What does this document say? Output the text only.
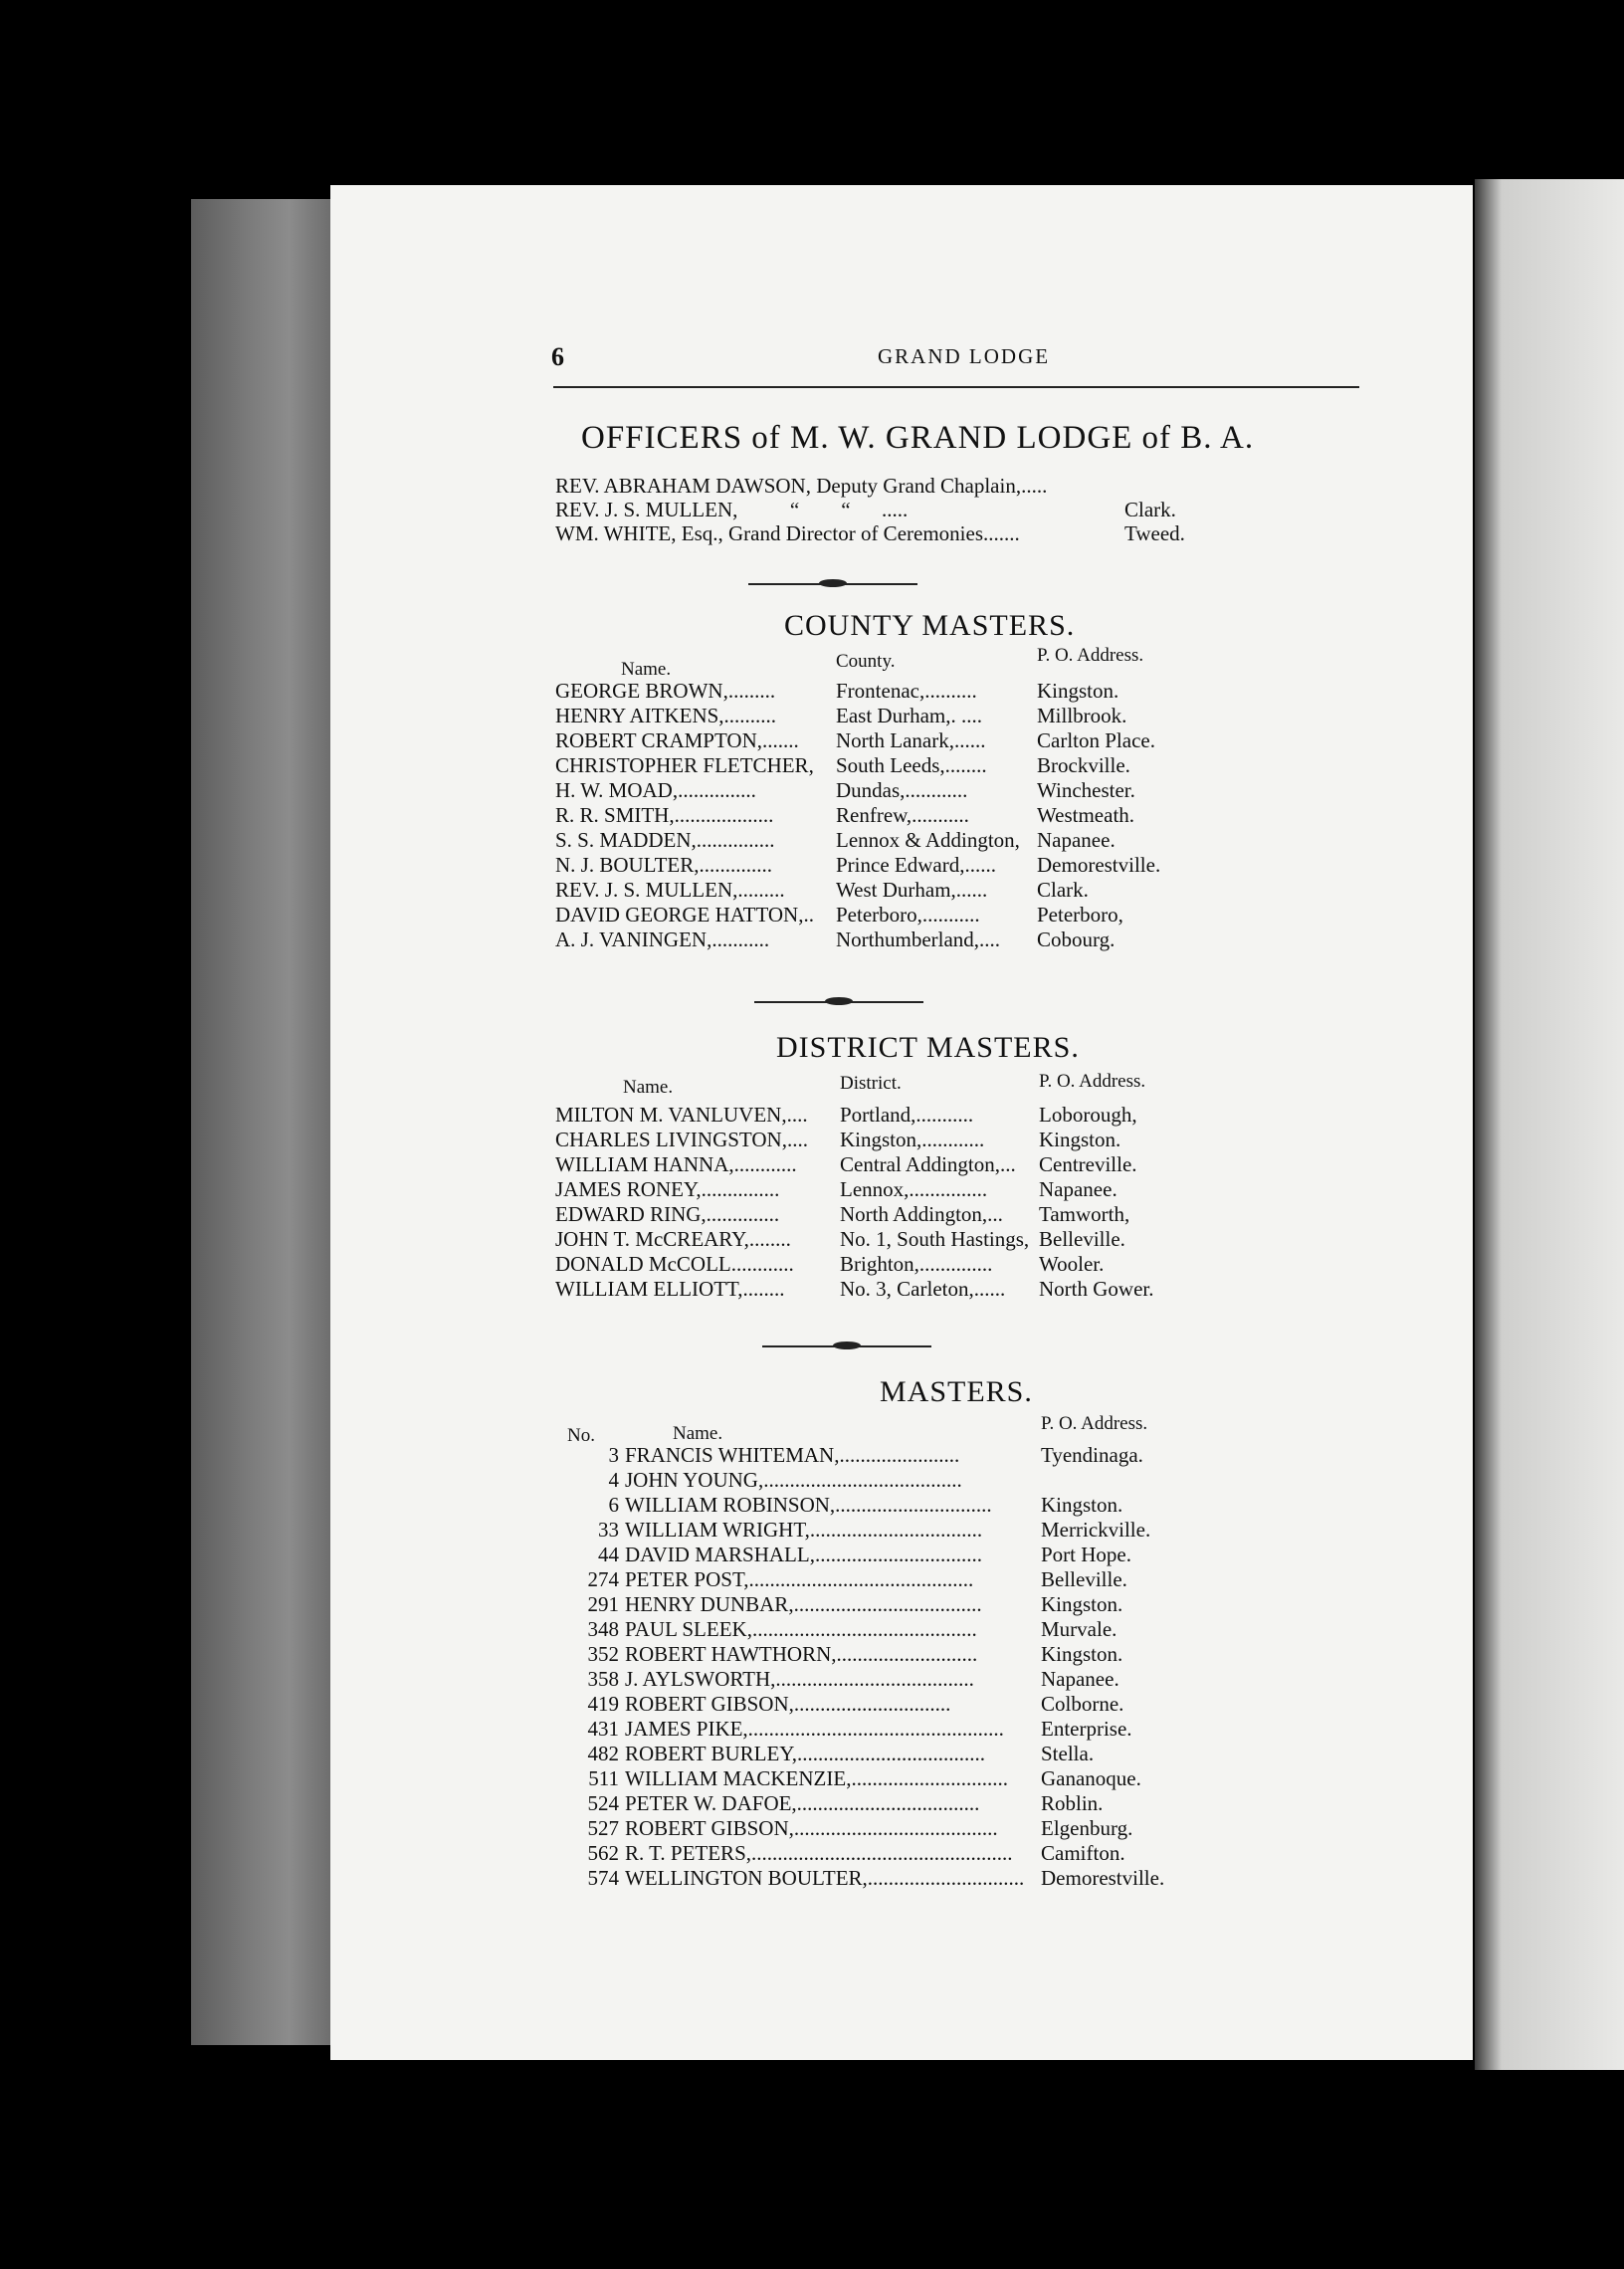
6	GRAND LODGE
OFFICERS of M. W. GRAND LODGE of B. A.
REV. ABRAHAM DAWSON, Deputy Grand Chaplain,.....
REV. J. S. MULLEN,          “        “      .....	Clark.
WM. WHITE, Esq., Grand Director of Ceremonies.......	Tweed.
COUNTY MASTERS.
Name.	County.	P. O. Address.
GEORGE BROWN,.........	Frontenac,..........	Kingston.
HENRY AITKENS,..........	East Durham,. ....	Millbrook.
ROBERT CRAMPTON,....... North Lanark,...... Carlton Place.
CHRISTOPHER FLETCHER, South Leeds,........ Brockville.
H. W. MOAD,...............	Dundas,............	Winchester.
R. R. SMITH,...................	Renfrew,...........	Westmeath.
S. S. MADDEN,...............	Lennox & Addington, Napanee.
N. J. BOULTER,..............	Prince Edward,...... Demorestville.
REV. J. S. MULLEN,......... West Durham,...... Clark.
DAVID GEORGE HATTON,.. Peterboro,...........	Peterboro,
A. J. VANINGEN,...........	Northumberland,.... Cobourg.
DISTRICT MASTERS.
Name.	District.	P. O. Address.
MILTON M. VANLUVEN,.... Portland,...........	Loborough,
CHARLES LIVINGSTON,.... Kingston,............	Kingston.
WILLIAM HANNA,............ Central Addington,... Centreville.
JAMES RONEY,...............	Lennox,............... Napanee.
EDWARD RING,..............	North Addington,... Tamworth,
JOHN T. McCREARY,........ No. 1, South Hastings, Belleville.
DONALD McCOLL............ Brighton,.............. Wooler.
WILLIAM ELLIOTT,........	No. 3, Carleton,...... North Gower.
MASTERS.
No.	Name.	P. O. Address.
3 FRANCIS WHITEMAN,.......................	Tyendinaga.
4 JOHN YOUNG,......................................
6 WILLIAM ROBINSON,.............................. Kingston.
33 WILLIAM WRIGHT,.................................	Merrickville.
44 DAVID MARSHALL,................................	Port Hope.
274 PETER POST,...........................................	Belleville.
291 HENRY DUNBAR,....................................	Kingston.
348 PAUL SLEEK,...........................................	Murvale.
352 ROBERT HAWTHORN,...........................	Kingston.
358 J. AYLSWORTH,......................................	Napanee.
419 ROBERT GIBSON,..............................	Colborne.
431 JAMES PIKE,................................................. Enterprise.
482 ROBERT BURLEY,....................................	Stella.
511 WILLIAM MACKENZIE,.............................. Gananoque.
524 PETER W. DAFOE,...................................	Roblin.
527 ROBERT GIBSON,....................................... Elgenburg.
562 R. T. PETERS,.................................................. Camifton.
574 WELLINGTON BOULTER,.............................. Demorestville.
